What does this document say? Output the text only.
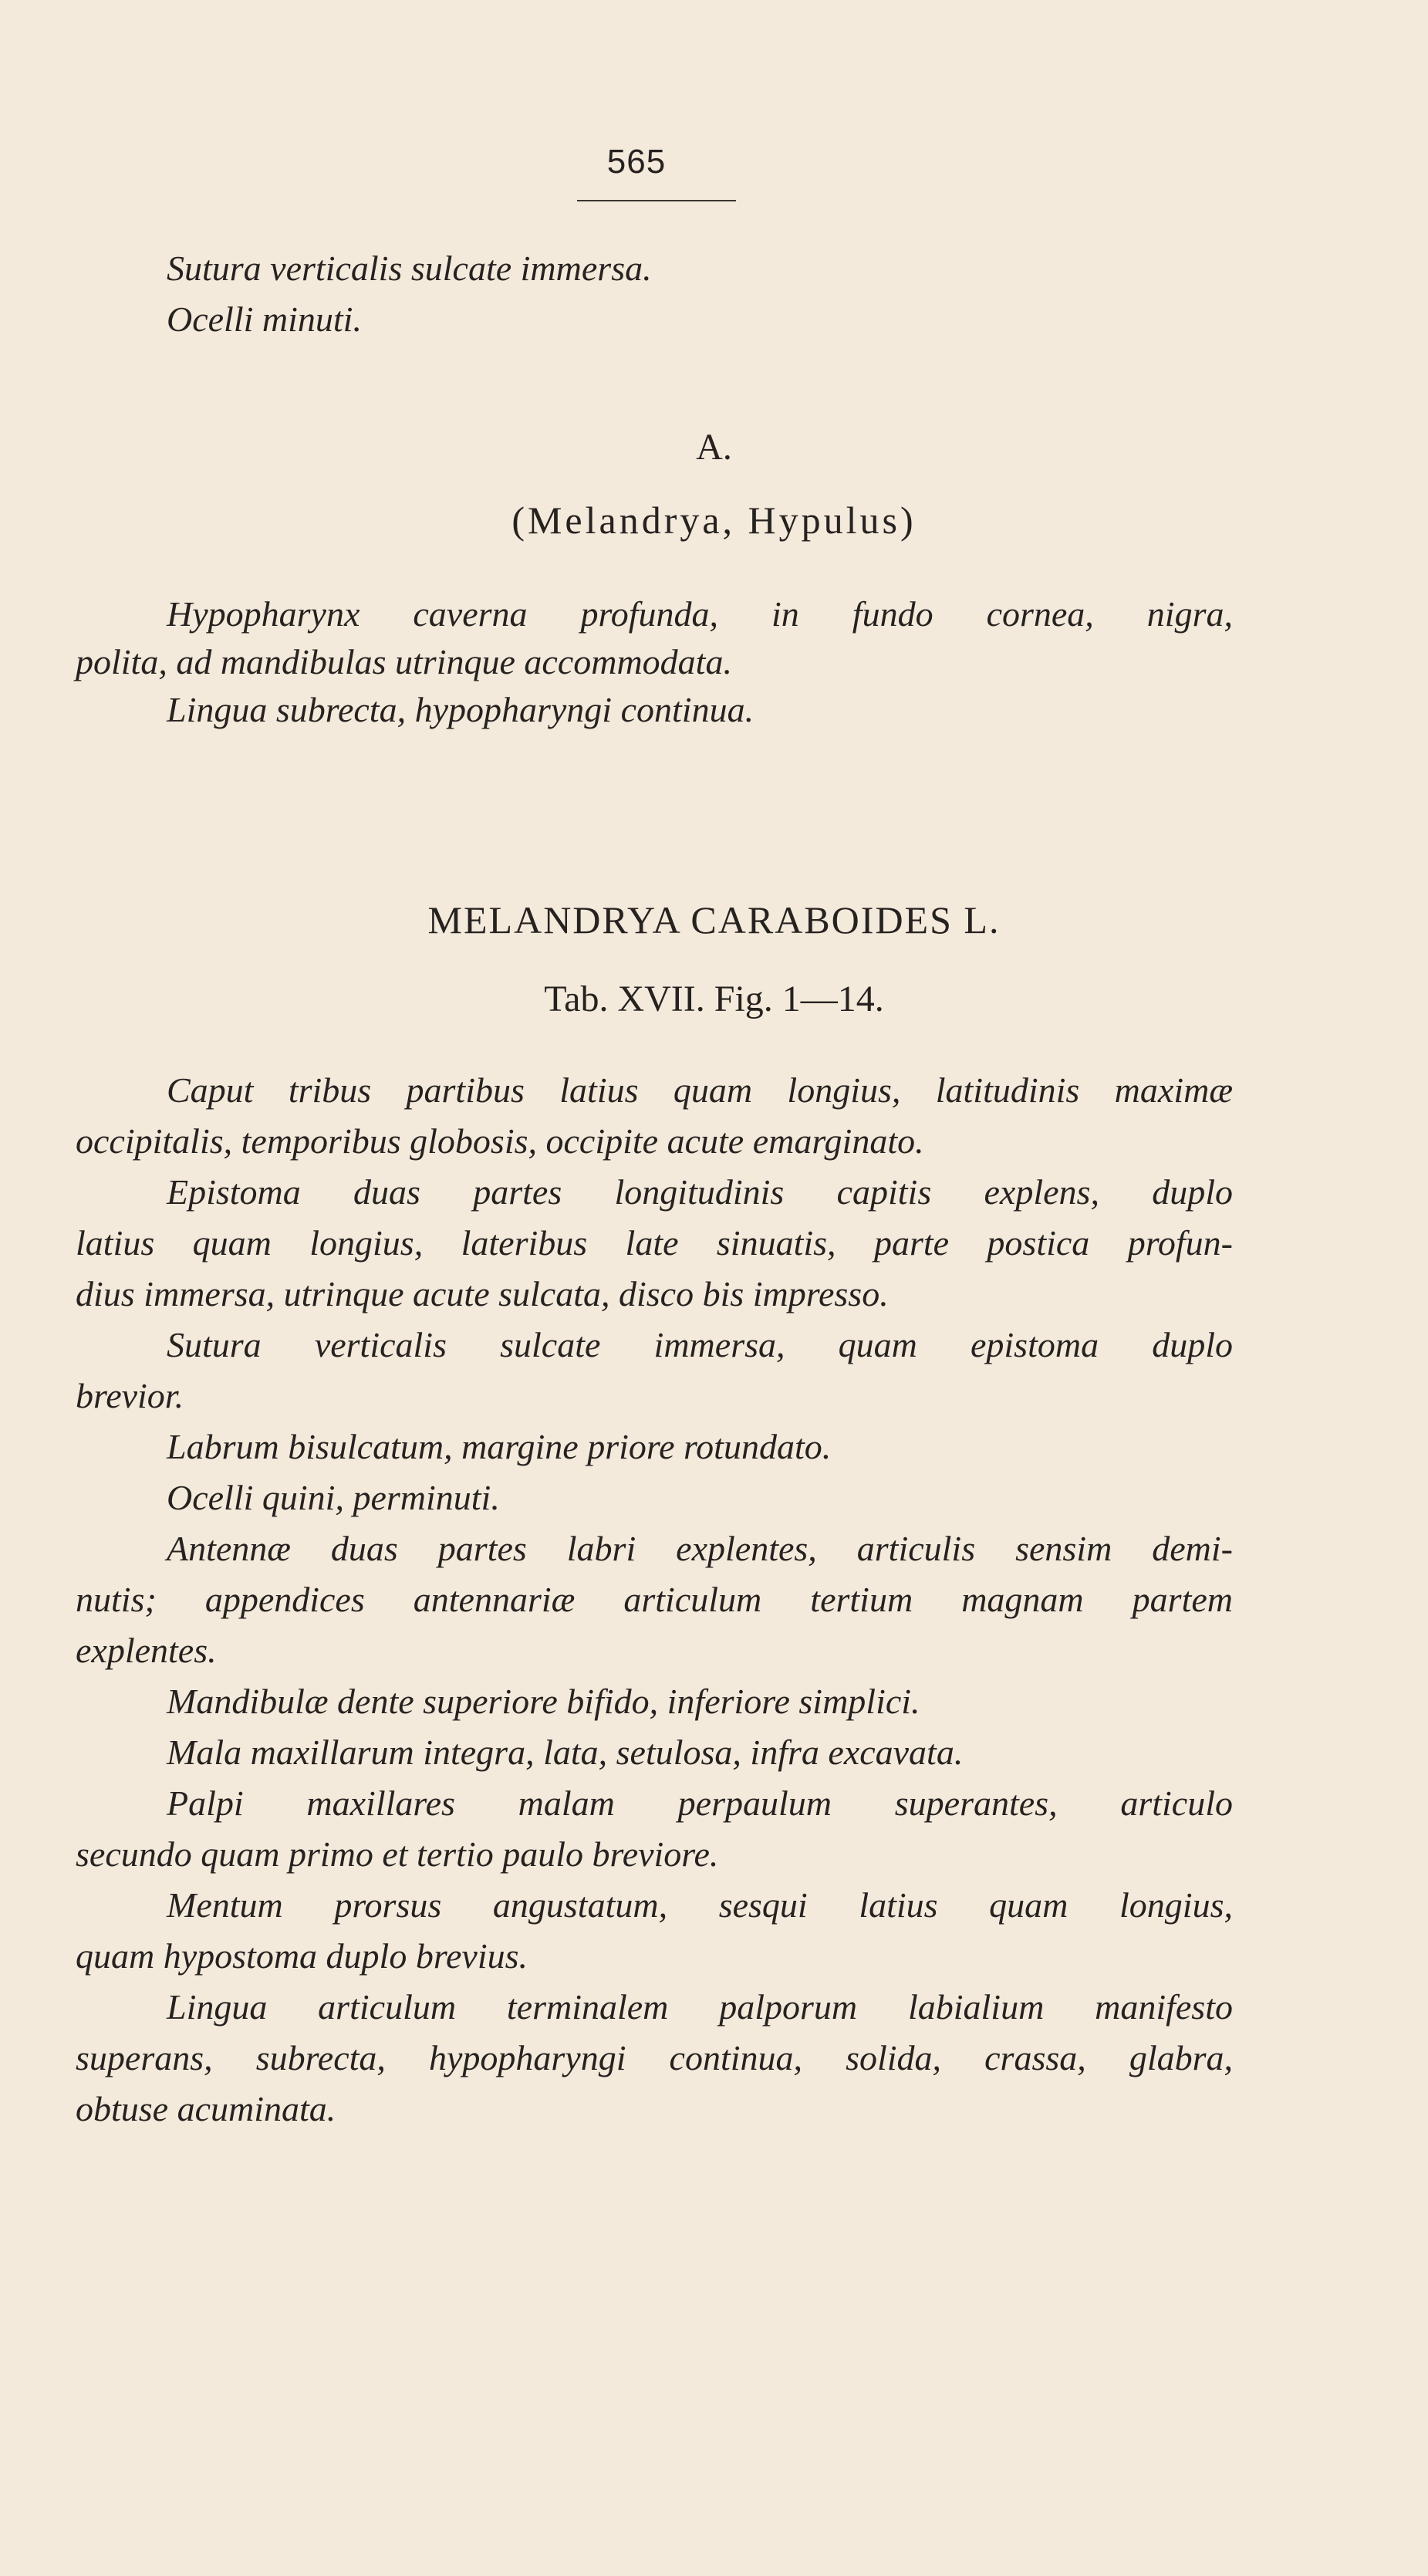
565
Sutura verticalis sulcate immersa.
Ocelli minuti.
A.
(Melandrya, Hypulus)
Hypopharynx caverna profunda, in fundo cornea, nigra,
polita, ad mandibulas utrinque accommodata.
Lingua subrecta, hypopharyngi continua.
MELANDRYA CARABOIDES L.
Tab. XVII. Fig. 1—14.
Caput tribus partibus latius quam longius, latitudinis maximæ
occipitalis, temporibus globosis, occipite acute emarginato.
Epistoma duas partes longitudinis capitis explens, duplo
latius quam longius, lateribus late sinuatis, parte postica profun-
dius immersa, utrinque acute sulcata, disco bis impresso.
Sutura verticalis sulcate immersa, quam epistoma duplo
brevior.
Labrum bisulcatum, margine priore rotundato.
Ocelli quini, perminuti.
Antennæ duas partes labri explentes, articulis sensim demi-
nutis; appendices antennariæ articulum tertium magnam partem
explentes.
Mandibulæ dente superiore bifido, inferiore simplici.
Mala maxillarum integra, lata, setulosa, infra excavata.
Palpi maxillares malam perpaulum superantes, articulo
secundo quam primo et tertio paulo breviore.
Mentum prorsus angustatum, sesqui latius quam longius,
quam hypostoma duplo brevius.
Lingua articulum terminalem palporum labialium manifesto
superans, subrecta, hypopharyngi continua, solida, crassa, glabra,
obtuse acuminata.
